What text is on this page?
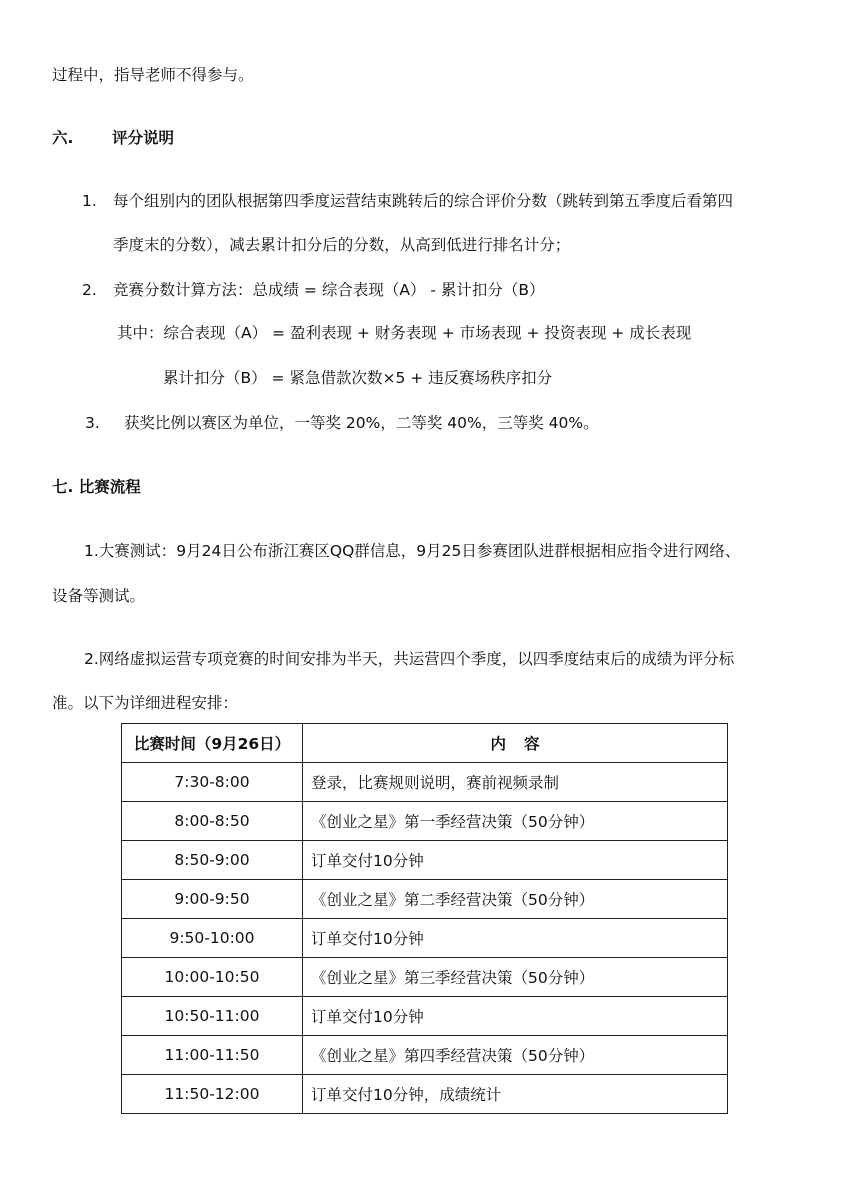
过程中，指导老师不得参与。
六. 评分说明
1. 每个组别内的团队根据第四季度运营结束跳转后的综合评价分数（跳转到第五季度后看第四
季度末的分数），减去累计扣分后的分数，从高到低进行排名计分；
2. 竞赛分数计算方法：总成绩 = 综合表现（A） - 累计扣分（B）
其中：综合表现（A） = 盈利表现 + 财务表现 + 市场表现 + 投资表现 + 成长表现
累计扣分（B） = 紧急借款次数×5 + 违反赛场秩序扣分
3. 获奖比例以赛区为单位，一等奖 20%，二等奖 40%，三等奖 40%。
七. 比赛流程
1.大赛测试：9月24日公布浙江赛区QQ群信息，9月25日参赛团队进群根据相应指令进行网络、
设备等测试。
2.网络虚拟运营专项竞赛的时间安排为半天，共运营四个季度，以四季度结束后的成绩为评分标
准。以下为详细进程安排：
比赛时间（9月26日）	内容
7:30-8:00	登录，比赛规则说明，赛前视频录制
8:00-8:50	《创业之星》第一季经营决策（50分钟）
8:50-9:00	订单交付10分钟
9:00-9:50	《创业之星》第二季经营决策（50分钟）
9:50-10:00	订单交付10分钟
10:00-10:50	《创业之星》第三季经营决策（50分钟）
10:50-11:00	订单交付10分钟
11:00-11:50	《创业之星》第四季经营决策（50分钟）
11:50-12:00	订单交付10分钟，成绩统计
